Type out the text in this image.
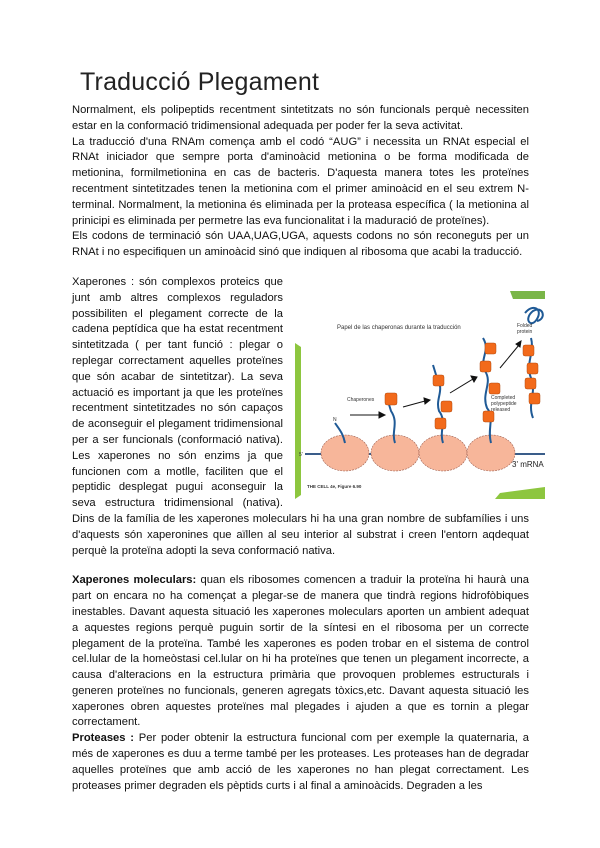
Traducció Plegament

Normalment, els polipeptids recentment sintetitzats no són funcionals perquè necessiten estar en la conformació tridimensional adequada per poder fer la seva activitat.

La traducció d'una RNAm comença amb el codó “AUG” i necessita un RNAt especial el RNAt iniciador que sempre porta d'aminoàcid metionina o be forma modificada de metionina, formilmetionina en cas de bacteris. D'aquesta manera totes les proteïnes recentment sintetitzades tenen la metionina com el primer aminoàcid en el seu extrem N-terminal. Normalment, la metionina és eliminada per la proteasa específica ( la metionina al prinicipi es eliminada per permetre las eva funcionalitat i la maduració de proteïnes).

Els codons de terminació són UAA,UAG,UGA, aquests codons no són reconeguts per un RNAt i no especifiquen un aminoàcid sinó que indiquen al ribosoma que acabi la traducció.

Papel de las chaperonas durante la traducción
5'
3' mRNA
N
Chaperones	Completed polypeptide released
Folded protein
THE CELL 4e, Figure 6.90

Xaperones : són complexos proteics que junt amb altres complexos reguladors possibiliten el plegament correcte de la cadena peptídica que ha estat recentment sintetitzada ( per tant funció : plegar o replegar correctament aquelles proteïnes que són acabar de sintetitzar). La seva actuació es important ja que les proteïnes recentment sintetitzades no són capaços de aconseguir el plegament tridimensional per a ser funcionals (conformació nativa). Les xaperones no són enzims ja que funcionen com a motlle, faciliten que el peptidic desplegat pugui aconseguir la seva estructura tridimensional (nativa). Dins de la família de les xaperones moleculars hi ha una gran nombre de subfamílies i uns d'aquests són xaperonines que aïllen al seu interior al substrat i creen l'entorn aqdequat perquè la proteïna adopti la seva conformació nativa.

Xaperones moleculars: quan els ribosomes comencen a traduir la proteïna hi haurà una part on encara no ha començat a plegar-se de manera que tindrà regions hidrofòbiques inestables. Davant aquesta situació les xaperones moleculars aporten un ambient adequat a aquestes regions perquè puguin sortir de la síntesi en el ribosoma per un correcte plegament de la proteïna. També les xaperones es poden trobar en el sistema de control cel.lular de la homeòstasi cel.lular on hi ha proteïnes que tenen un plegament incorrecte, a causa d'alteracions en la estructura primària que provoquen problemes estructurals i generen proteïnes no funcionals, generen agregats tòxics,etc. Davant aquesta situació les xaperones obren aquestes proteïnes mal plegades i ajuden a que es tornin a plegar correctament.

Proteases : Per poder obtenir la estructura funcional com per exemple la quaternaria, a més de xaperones es duu a terme també per les proteases. Les proteases han de degradar aquelles proteïnes que amb acció de les xaperones no han plegat correctament. Les proteases primer degraden els pèptids curts i al final a aminoàcids. Degraden a les
